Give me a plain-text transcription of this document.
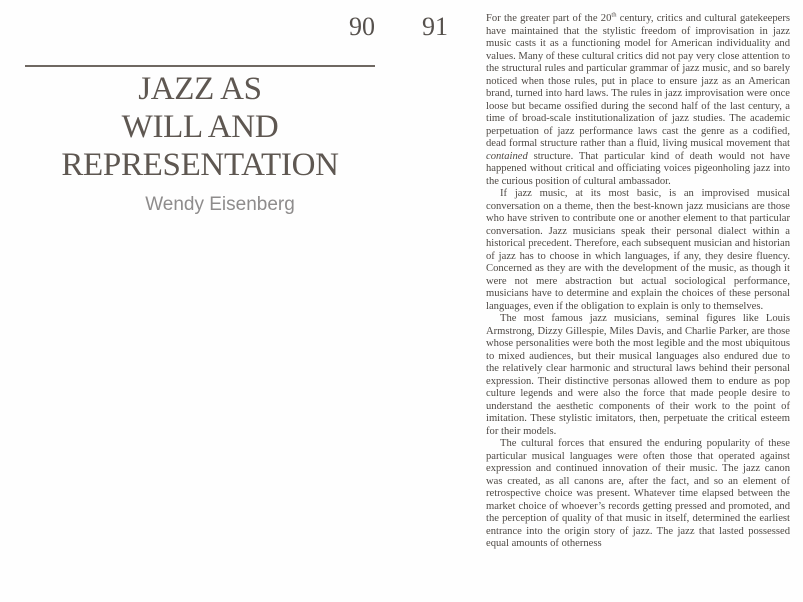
90 91
JAZZ AS
WILL AND
REPRESENTATION
Wendy Eisenberg

For the greater part of the 20th century, critics and cultural gatekeepers have maintained that the stylistic freedom of improvisation in jazz music casts it as a functioning model for American individuality and values. Many of these cultural critics did not pay very close attention to the structural rules and particular grammar of jazz music, and so barely noticed when those rules, put in place to ensure jazz as an American brand, turned into hard laws. The rules in jazz improvisation were once loose but became ossified during the second half of the last century, a time of broad-scale institutionalization of jazz studies. The academic perpetuation of jazz performance laws cast the genre as a codified, dead formal structure rather than a fluid, living musical movement that contained structure. That particular kind of death would not have happened without critical and officiating voices pigeonholing jazz into the curious position of cultural ambassador.

If jazz music, at its most basic, is an improvised musical conversation on a theme, then the best-known jazz musicians are those who have striven to contribute one or another element to that particular conversation. Jazz musicians speak their personal dialect within a historical precedent. Therefore, each subsequent musician and historian of jazz has to choose in which languages, if any, they desire fluency. Concerned as they are with the development of the music, as though it were not mere abstraction but actual sociological performance, musicians have to determine and explain the choices of these personal languages, even if the obligation to explain is only to themselves.

The most famous jazz musicians, seminal figures like Louis Armstrong, Dizzy Gillespie, Miles Davis, and Charlie Parker, are those whose personalities were both the most legible and the most ubiquitous to mixed audiences, but their musical languages also endured due to the relatively clear harmonic and structural laws behind their personal expression. Their distinctive personas allowed them to endure as pop culture legends and were also the force that made people desire to understand the aesthetic components of their work to the point of imitation. These stylistic imitators, then, perpetuate the critical esteem for their models.

The cultural forces that ensured the enduring popularity of these particular musical languages were often those that operated against expression and continued innovation of their music. The jazz canon was created, as all canons are, after the fact, and so an element of retrospective choice was present. Whatever time elapsed between the market choice of whoever’s records getting pressed and promoted, and the perception of quality of that music in itself, determined the earliest entrance into the origin story of jazz. The jazz that lasted possessed equal amounts of otherness
